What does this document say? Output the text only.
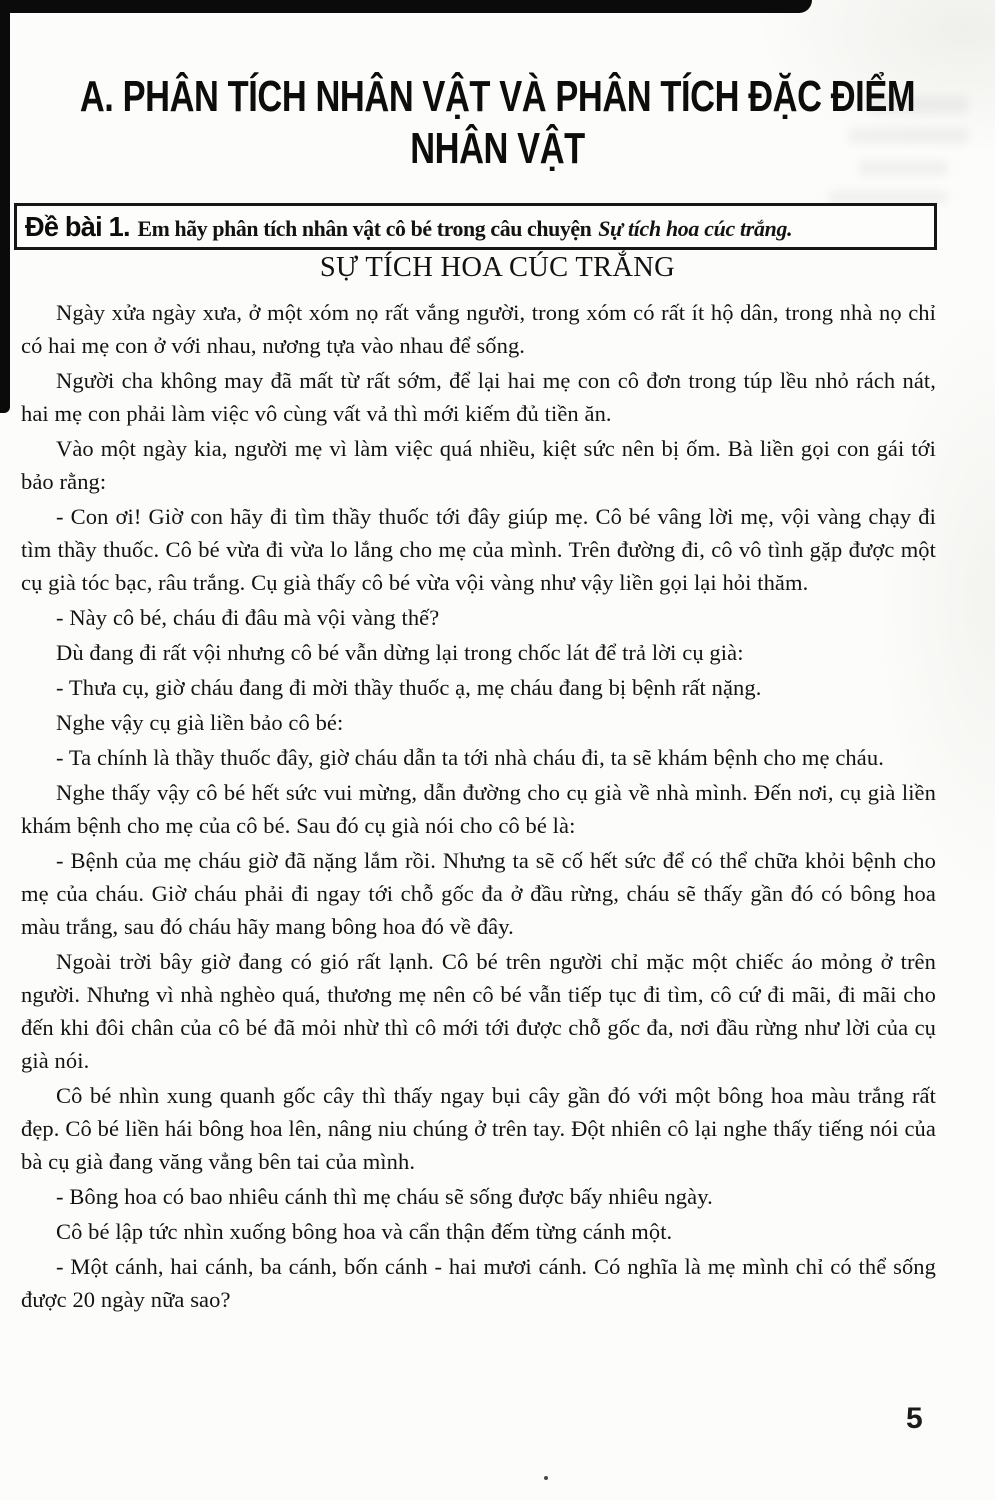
A. PHÂN TÍCH NHÂN VẬT VÀ PHÂN TÍCH ĐẶC ĐIỂM
NHÂN VẬT
Đề bài 1. Em hãy phân tích nhân vật cô bé trong câu chuyện Sự tích hoa cúc trắng.
SỰ TÍCH HOA CÚC TRẮNG

Ngày xửa ngày xưa, ở một xóm nọ rất vắng người, trong xóm có rất ít hộ dân, trong nhà nọ chỉ có hai mẹ con ở với nhau, nương tựa vào nhau để sống.

Người cha không may đã mất từ rất sớm, để lại hai mẹ con cô đơn trong túp lều nhỏ rách nát, hai mẹ con phải làm việc vô cùng vất vả thì mới kiếm đủ tiền ăn.

Vào một ngày kia, người mẹ vì làm việc quá nhiều, kiệt sức nên bị ốm. Bà liền gọi con gái tới bảo rằng:

- Con ơi! Giờ con hãy đi tìm thầy thuốc tới đây giúp mẹ. Cô bé vâng lời mẹ, vội vàng chạy đi tìm thầy thuốc. Cô bé vừa đi vừa lo lắng cho mẹ của mình. Trên đường đi, cô vô tình gặp được một cụ già tóc bạc, râu trắng. Cụ già thấy cô bé vừa vội vàng như vậy liền gọi lại hỏi thăm.

- Này cô bé, cháu đi đâu mà vội vàng thế?

Dù đang đi rất vội nhưng cô bé vẫn dừng lại trong chốc lát để trả lời cụ già:

- Thưa cụ, giờ cháu đang đi mời thầy thuốc ạ, mẹ cháu đang bị bệnh rất nặng.

Nghe vậy cụ già liền bảo cô bé:

- Ta chính là thầy thuốc đây, giờ cháu dẫn ta tới nhà cháu đi, ta sẽ khám bệnh cho mẹ cháu.

Nghe thấy vậy cô bé hết sức vui mừng, dẫn đường cho cụ già về nhà mình. Đến nơi, cụ già liền khám bệnh cho mẹ của cô bé. Sau đó cụ già nói cho cô bé là:

- Bệnh của mẹ cháu giờ đã nặng lắm rồi. Nhưng ta sẽ cố hết sức để có thể chữa khỏi bệnh cho mẹ của cháu. Giờ cháu phải đi ngay tới chỗ gốc đa ở đầu rừng, cháu sẽ thấy gần đó có bông hoa màu trắng, sau đó cháu hãy mang bông hoa đó về đây.

Ngoài trời bây giờ đang có gió rất lạnh. Cô bé trên người chỉ mặc một chiếc áo mỏng ở trên người. Nhưng vì nhà nghèo quá, thương mẹ nên cô bé vẫn tiếp tục đi tìm, cô cứ đi mãi, đi mãi cho đến khi đôi chân của cô bé đã mỏi nhừ thì cô mới tới được chỗ gốc đa, nơi đầu rừng như lời của cụ già nói.

Cô bé nhìn xung quanh gốc cây thì thấy ngay bụi cây gần đó với một bông hoa màu trắng rất đẹp. Cô bé liền hái bông hoa lên, nâng niu chúng ở trên tay. Đột nhiên cô lại nghe thấy tiếng nói của bà cụ già đang văng vẳng bên tai của mình.

- Bông hoa có bao nhiêu cánh thì mẹ cháu sẽ sống được bấy nhiêu ngày.

Cô bé lập tức nhìn xuống bông hoa và cẩn thận đếm từng cánh một.

- Một cánh, hai cánh, ba cánh, bốn cánh - hai mươi cánh. Có nghĩa là mẹ mình chỉ có thể sống được 20 ngày nữa sao?

5
